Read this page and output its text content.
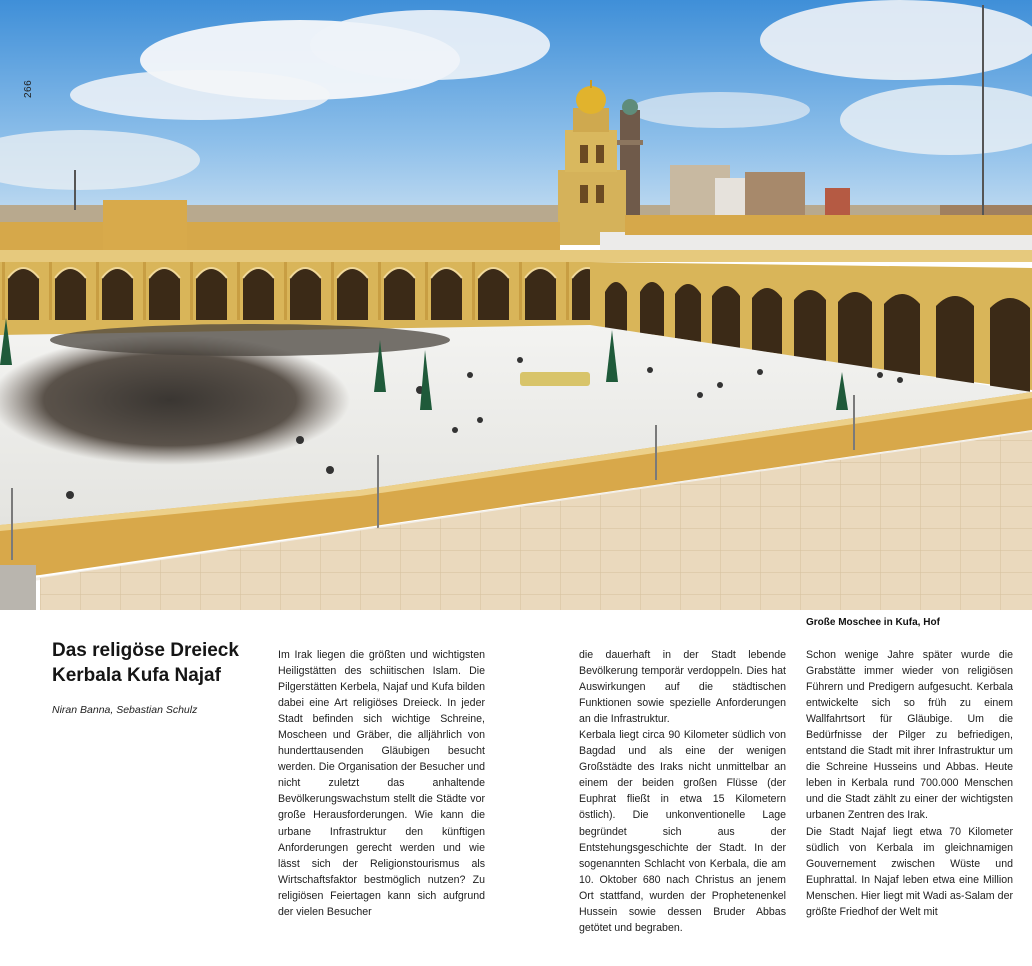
266
Große Moschee in Kufa, Hof
Das religöse Dreieck
Kerbala Kufa Najaf
Niran Banna, Sebastian Schulz

Im Irak liegen die größten und wichtigsten Heiligstätten des schiitischen Islam. Die Pilgerstätten Kerbela, Najaf und Kufa bilden dabei eine Art religiöses Dreieck. In jeder Stadt befinden sich wichtige Schreine, Moscheen und Gräber, die alljährlich von hunderttausenden Gläubigen besucht werden. Die Organisation der Besucher und nicht zuletzt das anhaltende Bevölkerungswachstum stellt die Städte vor große Herausforderungen. Wie kann die urbane Infrastruktur den künftigen Anforderungen gerecht werden und wie lässt sich der Religionstourismus als Wirtschaftsfaktor bestmöglich nutzen? Zu religiösen Feiertagen kann sich aufgrund der vielen Besucher

die dauerhaft in der Stadt lebende Bevölkerung temporär verdoppeln. Dies hat Auswirkungen auf die städtischen Funktionen sowie spezielle Anforderungen an die Infrastruktur.

Kerbala liegt circa 90 Kilometer südlich von Bagdad und als eine der wenigen Großstädte des Iraks nicht unmittelbar an einem der beiden großen Flüsse (der Euphrat fließt in etwa 15 Kilometern östlich). Die unkonventionelle Lage begründet sich aus der Entstehungsgeschichte der Stadt. In der sogenannten Schlacht von Kerbala, die am 10. Oktober 680 nach Christus an jenem Ort stattfand, wurden der Prophetenenkel Hussein sowie dessen Bruder Abbas getötet und begraben.

Schon wenige Jahre später wurde die Grabstätte immer wieder von religiösen Führern und Predigern aufgesucht. Kerbala entwickelte sich so früh zu einem Wallfahrtsort für Gläubige. Um die Bedürfnisse der Pilger zu befriedigen, entstand die Stadt mit ihrer Infrastruktur um die Schreine Husseins und Abbas. Heute leben in Kerbala rund 700.000 Menschen und die Stadt zählt zu einer der wichtigsten urbanen Zentren des Irak.

Die Stadt Najaf liegt etwa 70 Kilometer südlich von Kerbala im gleichnamigen Gouvernement zwischen Wüste und Euphrattal. In Najaf leben etwa eine Million Menschen. Hier liegt mit Wadi as-Salam der größte Friedhof der Welt mit
